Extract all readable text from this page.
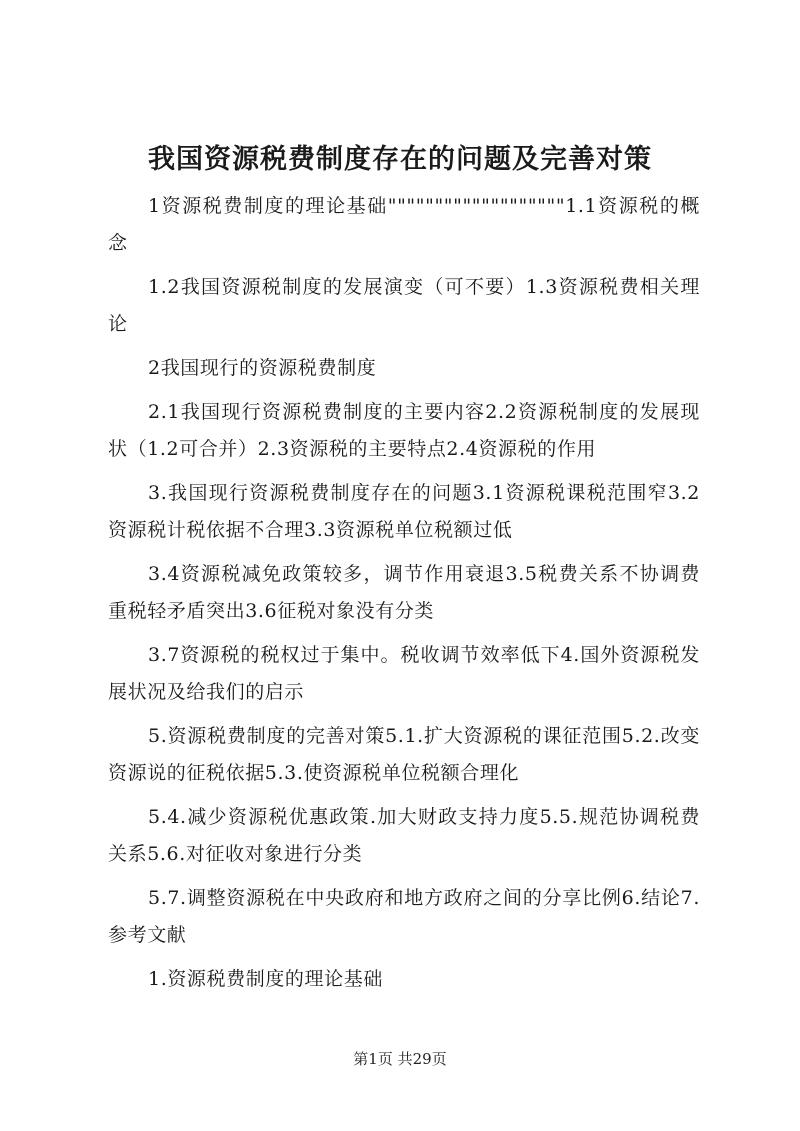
我国资源税费制度存在的问题及完善对策

1资源税费制度的理论基础"""""""""""""""""""1.1资源税的概念

1.2我国资源税制度的发展演变（可不要）1.3资源税费相关理论

2我国现行的资源税费制度

2.1我国现行资源税费制度的主要内容2.2资源税制度的发展现状（1.2可合并）2.3资源税的主要特点2.4资源税的作用

3.我国现行资源税费制度存在的问题3.1资源税课税范围窄3.2资源税计税依据不合理3.3资源税单位税额过低

3.4资源税减免政策较多，调节作用衰退3.5税费关系不协调费重税轻矛盾突出3.6征税对象没有分类

3.7资源税的税权过于集中。税收调节效率低下4.国外资源税发展状况及给我们的启示

5.资源税费制度的完善对策5.1.扩大资源税的课征范围5.2.改变资源说的征税依据5.3.使资源税单位税额合理化

5.4.减少资源税优惠政策.加大财政支持力度5.5.规范协调税费关系5.6.对征收对象进行分类

5.7.调整资源税在中央政府和地方政府之间的分享比例6.结论7.参考文献

1.资源税费制度的理论基础

第1页 共29页
